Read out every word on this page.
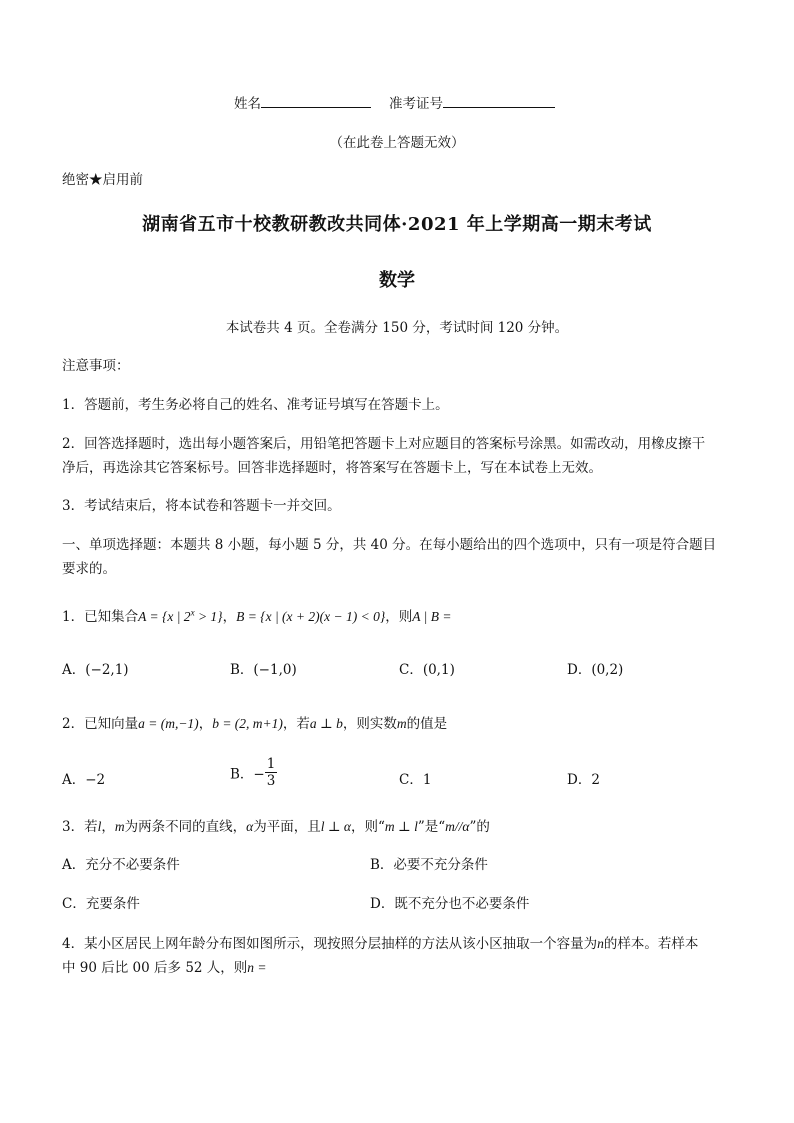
姓名	准考证号
（在此卷上答题无效）
绝密★启用前
湖南省五市十校教研教改共同体·2021 年上学期高一期末考试
数学
本试卷共 4 页。全卷满分 150 分，考试时间 120 分钟。
注意事项：
1．答题前，考生务必将自己的姓名、准考证号填写在答题卡上。
2．回答选择题时，选出每小题答案后，用铅笔把答题卡上对应题目的答案标号涂黑。如需改动，用橡皮擦干
净后，再选涂其它答案标号。回答非选择题时，将答案写在答题卡上，写在本试卷上无效。
3．考试结束后，将本试卷和答题卡一并交回。
一、单项选择题：本题共 8 小题，每小题 5 分，共 40 分。在每小题给出的四个选项中，只有一项是符合题目
要求的。
1．已知集合A = {x | $2^x > 1$}，B = {x | (x + 2)(x − 1) < 0}，则A | B =
A．(−2,1)	B．(−1,0)	C．(0,1)	D．(0,2)
2．已知向量a = (m,−1)，b = (2, m+1)，若a ⊥ b，则实数m的值是
A．−2	B．− $\frac{1}{3}$	C．1	D．2
3．若l，m为两条不同的直线，α为平面，且l ⊥ α，则“m ⊥ l”是“m//α”的
A．充分不必要条件	B．必要不充分条件
C．充要条件	D．既不充分也不必要条件
4．某小区居民上网年龄分布图如图所示，现按照分层抽样的方法从该小区抽取一个容量为n的样本。若样本
中 90 后比 00 后多 52 人，则n =
